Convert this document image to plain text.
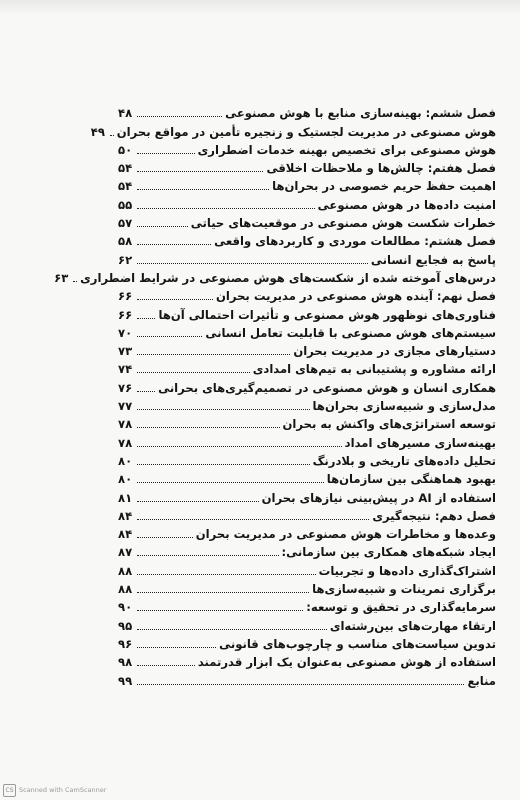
فصل ششم: بهینه‌سازی منابع با هوش مصنوعی
۴۸
هوش مصنوعی در مدیریت لجستیک و زنجیره تأمین در مواقع بحران
۴۹
هوش مصنوعی برای تخصیص بهینه خدمات اضطراری
۵۰
فصل هفتم: چالش‌ها و ملاحظات اخلاقی
۵۴
اهمیت حفظ حریم خصوصی در بحران‌ها
۵۴
امنیت داده‌ها در هوش مصنوعی
۵۵
خطرات شکست هوش مصنوعی در موقعیت‌های حیاتی
۵۷
فصل هشتم: مطالعات موردی و کاربردهای واقعی
۵۸
پاسخ به فجایع انسانی
۶۲
درس‌های آموخته شده از شکست‌های هوش مصنوعی در شرایط اضطراری
۶۳
فصل نهم: آینده هوش مصنوعی در مدیریت بحران
۶۶
فناوری‌های نوظهور هوش مصنوعی و تأثیرات احتمالی آن‌ها
۶۶
سیستم‌های هوش مصنوعی با قابلیت تعامل انسانی
۷۰
دستیارهای مجازی در مدیریت بحران
۷۳
ارائه مشاوره و پشتیبانی به تیم‌های امدادی
۷۴
همکاری انسان و هوش مصنوعی در تصمیم‌گیری‌های بحرانی
۷۶
مدل‌سازی و شبیه‌سازی بحران‌ها
۷۷
توسعه استراتژی‌های واکنش به بحران
۷۸
بهینه‌سازی مسیرهای امداد
۷۸
تحلیل داده‌های تاریخی و بلادرنگ
۸۰
بهبود هماهنگی بین سازمان‌ها
۸۰
استفاده از AI در پیش‌بینی نیازهای بحران
۸۱
فصل دهم: نتیجه‌گیری
۸۴
وعده‌ها و مخاطرات هوش مصنوعی در مدیریت بحران
۸۴
ایجاد شبکه‌های همکاری بین سازمانی:
۸۷
اشتراک‌گذاری داده‌ها و تجربیات
۸۸
برگزاری تمرینات و شبیه‌سازی‌ها
۸۸
سرمایه‌گذاری در تحقیق و توسعه:
۹۰
ارتقاء مهارت‌های بین‌رشته‌ای
۹۵
تدوین سیاست‌های مناسب و چارچوب‌های قانونی
۹۶
استفاده از هوش مصنوعی به‌عنوان یک ابزار قدرتمند
۹۸
منابع
۹۹
CS Scanned with CamScanner
